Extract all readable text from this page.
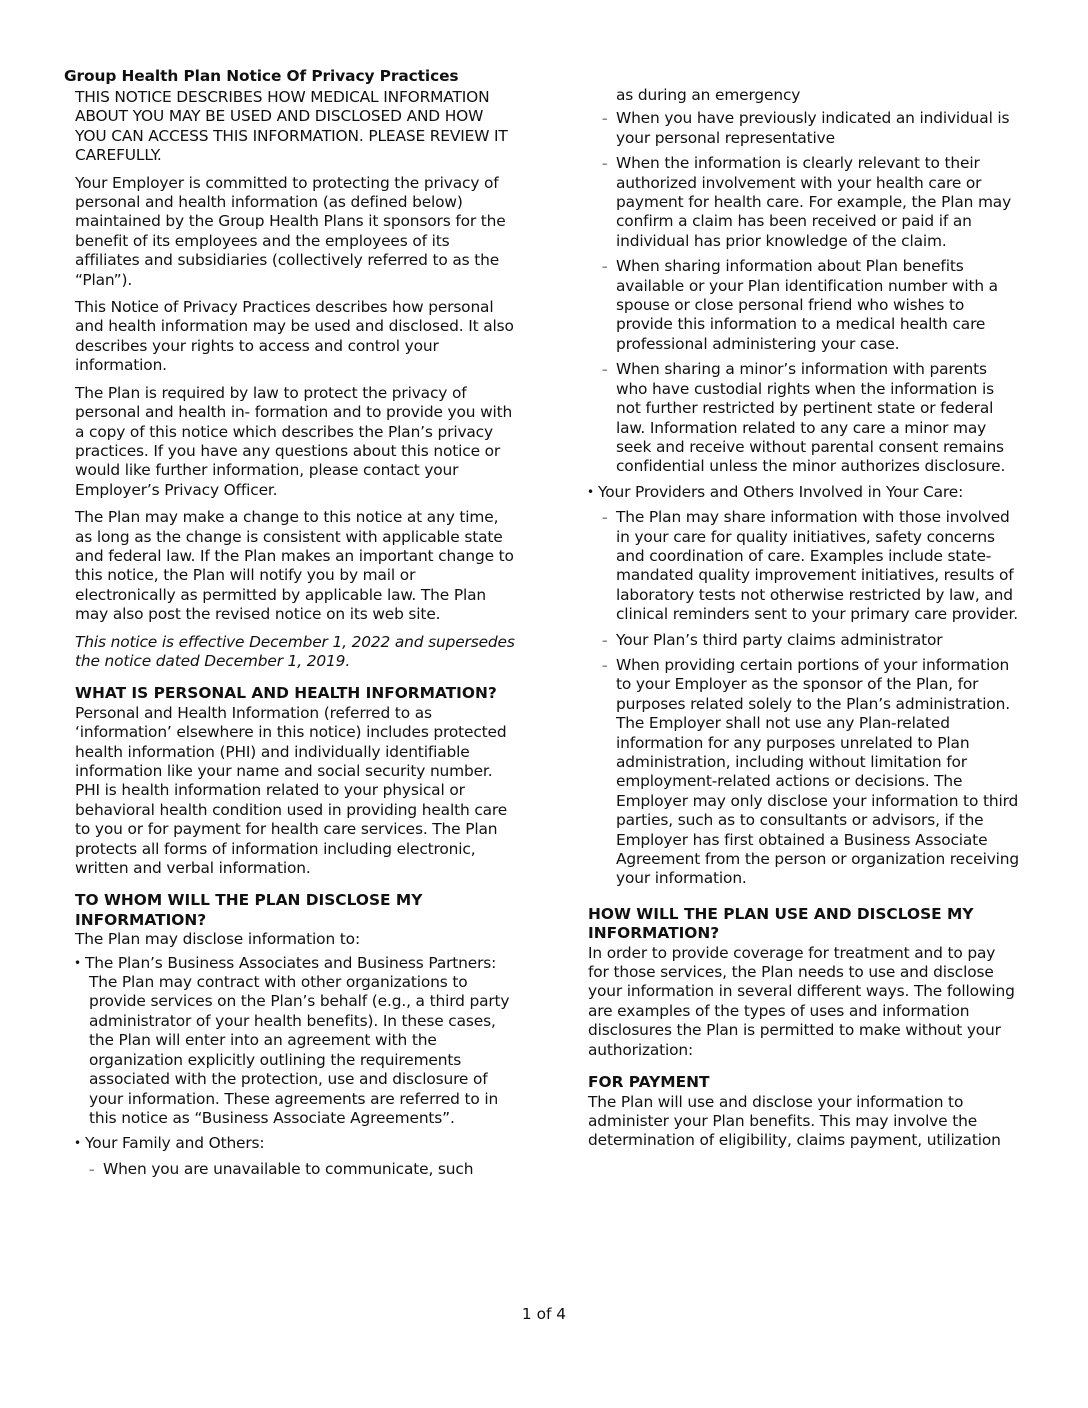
Group Health Plan Notice Of Privacy Practices

THIS NOTICE DESCRIBES HOW MEDICAL INFORMATION ABOUT YOU MAY BE USED AND DISCLOSED AND HOW YOU CAN ACCESS THIS INFORMATION. PLEASE REVIEW IT CAREFULLY.

Your Employer is committed to protecting the privacy of personal and health information (as defined below) maintained by the Group Health Plans it sponsors for the benefit of its employees and the employees of its affiliates and subsidiaries (collectively referred to as the “Plan”).

This Notice of Privacy Practices describes how personal and health information may be used and disclosed. It also describes your rights to access and control your information.

The Plan is required by law to protect the privacy of personal and health in- formation and to provide you with a copy of this notice which describes the Plan’s privacy practices. If you have any questions about this notice or would like further information, please contact your Employer’s Privacy Officer.

The Plan may make a change to this notice at any time, as long as the change is consistent with applicable state and federal law. If the Plan makes an important change to this notice, the Plan will notify you by mail or electronically as permitted by applicable law. The Plan may also post the revised notice on its web site.

This notice is effective December 1, 2022 and supersedes the notice dated December 1, 2019.

WHAT IS PERSONAL AND HEALTH INFORMATION?

Personal and Health Information (referred to as ‘information’ elsewhere in this notice) includes protected health information (PHI) and individually identifiable information like your name and social security number. PHI is health information related to your physical or behavioral health condition used in providing health care to you or for payment for health care services. The Plan protects all forms of information including electronic, written and verbal information.

TO WHOM WILL THE PLAN DISCLOSE MY INFORMATION?

The Plan may disclose information to:

• The Plan’s Business Associates and Business Partners:

The Plan may contract with other organizations to provide services on the Plan’s behalf (e.g., a third party administrator of your health benefits). In these cases, the Plan will enter into an agreement with the organization explicitly outlining the requirements associated with the protection, use and disclosure of your information. These agreements are referred to in this notice as “Business Associate Agreements”.

• Your Family and Others:

– When you are unavailable to communicate, such

as during an emergency

– When you have previously indicated an individual is your personal representative

– When the information is clearly relevant to their authorized involvement with your health care or payment for health care. For example, the Plan may confirm a claim has been received or paid if an individual has prior knowledge of the claim.

– When sharing information about Plan benefits available or your Plan identification number with a spouse or close personal friend who wishes to provide this information to a medical health care professional administering your case.

– When sharing a minor’s information with parents who have custodial rights when the information is not further restricted by pertinent state or federal law. Information related to any care a minor may seek and receive without parental consent remains confidential unless the minor authorizes disclosure.

• Your Providers and Others Involved in Your Care:

– The Plan may share information with those involved in your care for quality initiatives, safety concerns and coordination of care. Examples include state-mandated quality improvement initiatives, results of laboratory tests not otherwise restricted by law, and clinical reminders sent to your primary care provider.

– Your Plan’s third party claims administrator

– When providing certain portions of your information to your Employer as the sponsor of the Plan, for purposes related solely to the Plan’s administration. The Employer shall not use any Plan-related information for any purposes unrelated to Plan administration, including without limitation for employment-related actions or decisions. The Employer may only disclose your information to third parties, such as to consultants or advisors, if the Employer has first obtained a Business Associate Agreement from the person or organization receiving your information.

HOW WILL THE PLAN USE AND DISCLOSE MY INFORMATION?

In order to provide coverage for treatment and to pay for those services, the Plan needs to use and disclose your information in several different ways. The following are examples of the types of uses and information disclosures the Plan is permitted to make without your authorization:

FOR PAYMENT

The Plan will use and disclose your information to administer your Plan benefits. This may involve the determination of eligibility, claims payment, utilization

1 of 4
